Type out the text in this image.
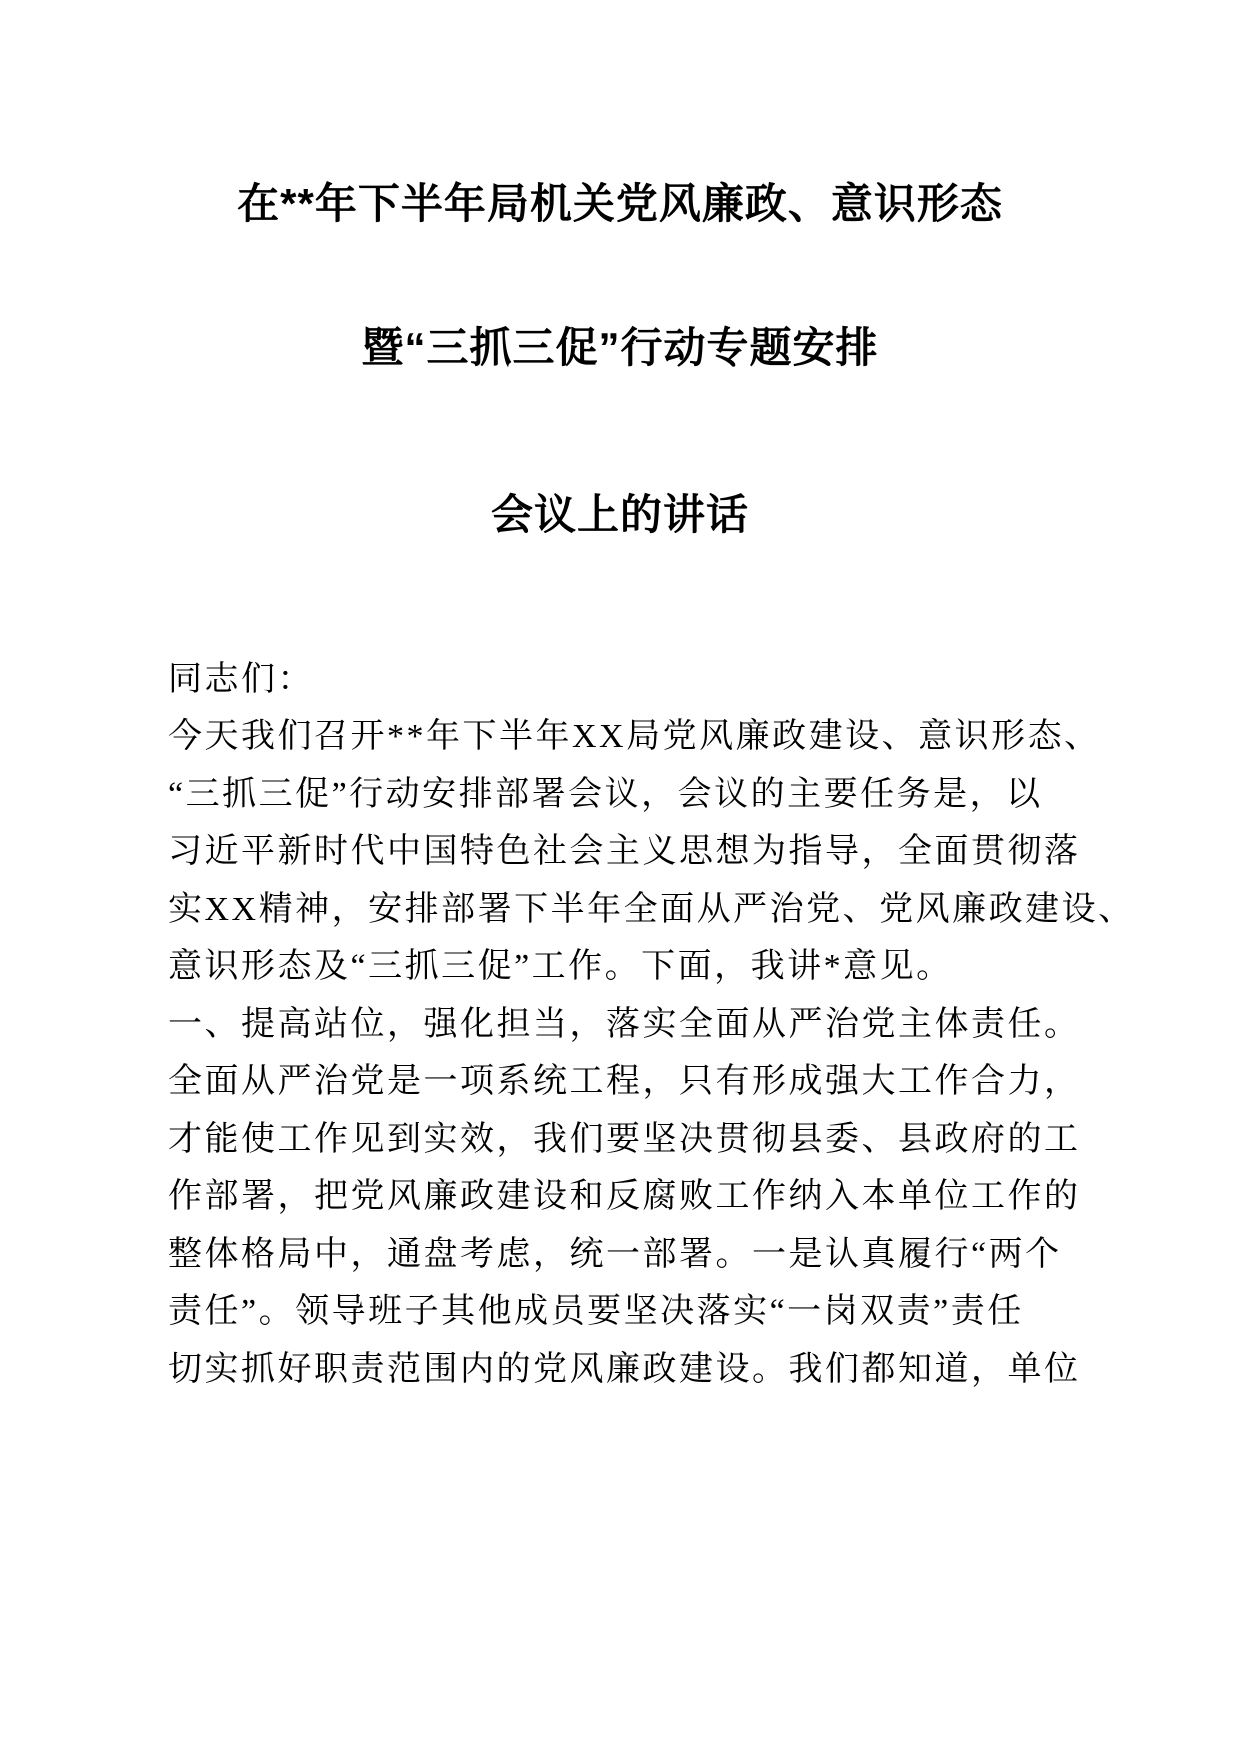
在**年下半年局机关党风廉政、意识形态
暨“三抓三促”行动专题安排
会议上的讲话

同志们：

今天我们召开**年下半年XX局党风廉政建设、意识形态、

“三抓三促”行动安排部署会议，会议的主要任务是，以

习近平新时代中国特色社会主义思想为指导，全面贯彻落

实XX精神，安排部署下半年全面从严治党、党风廉政建设、

意识形态及“三抓三促”工作。下面，我讲*意见。

一、提高站位，强化担当，落实全面从严治党主体责任。

全面从严治党是一项系统工程，只有形成强大工作合力，

才能使工作见到实效，我们要坚决贯彻县委、县政府的工

作部署，把党风廉政建设和反腐败工作纳入本单位工作的

整体格局中，通盘考虑，统一部署。一是认真履行“两个

责任”。领导班子其他成员要坚决落实“一岗双责”责任

切实抓好职责范围内的党风廉政建设。我们都知道，单位
